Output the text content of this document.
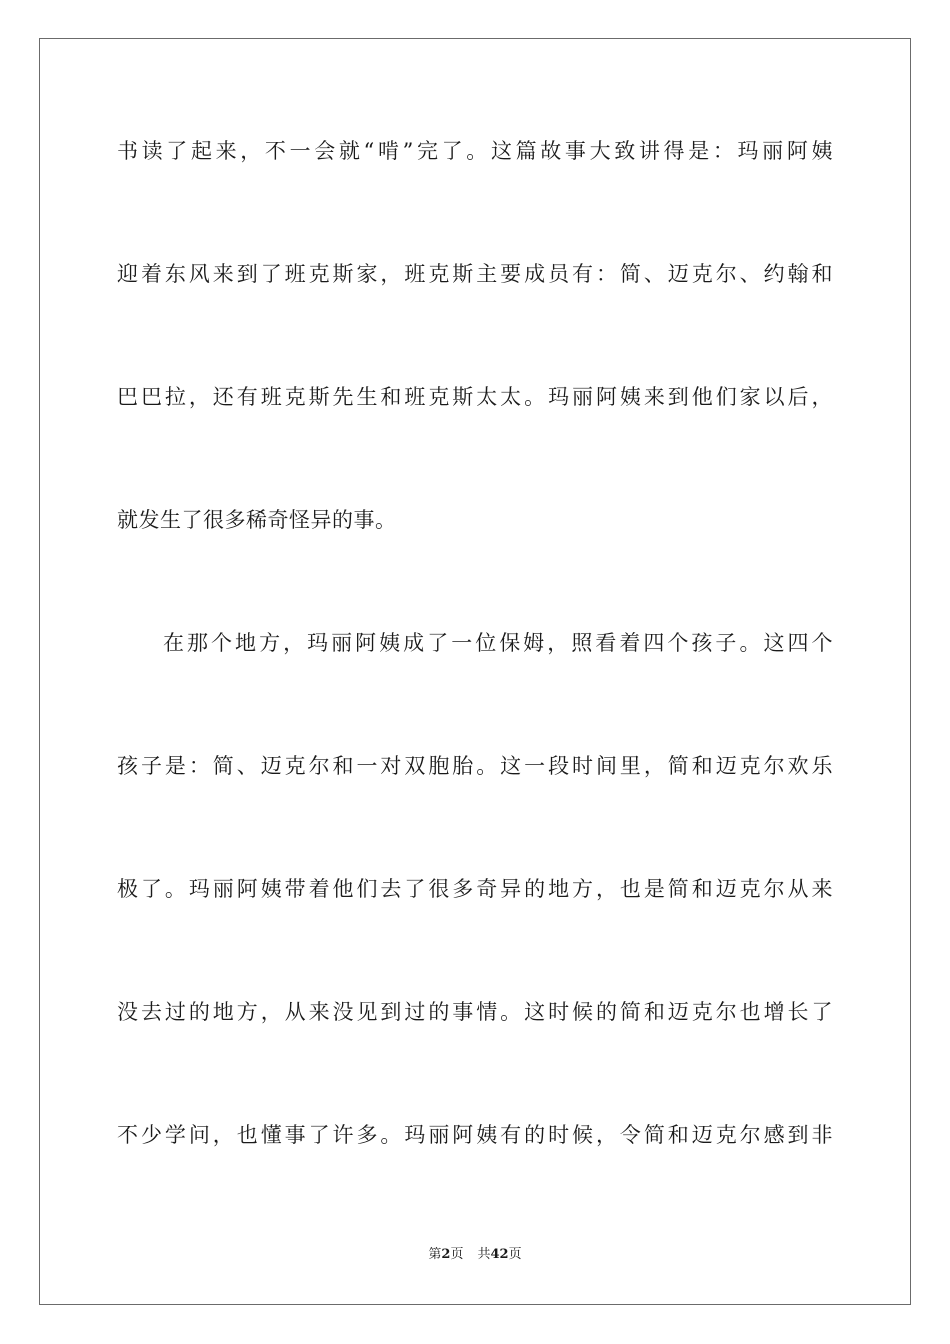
书读了起来，不一会就“啃”完了。这篇故事大致讲得是：玛丽阿姨
迎着东风来到了班克斯家，班克斯主要成员有：简、迈克尔、约翰和
巴巴拉，还有班克斯先生和班克斯太太。玛丽阿姨来到他们家以后，
就发生了很多稀奇怪异的事。
在那个地方，玛丽阿姨成了一位保姆，照看着四个孩子。这四个
孩子是：简、迈克尔和一对双胞胎。这一段时间里，简和迈克尔欢乐
极了。玛丽阿姨带着他们去了很多奇异的地方，也是简和迈克尔从来
没去过的地方，从来没见到过的事情。这时候的简和迈克尔也增长了
不少学问，也懂事了许多。玛丽阿姨有的时候，令简和迈克尔感到非
第2页 共42页
